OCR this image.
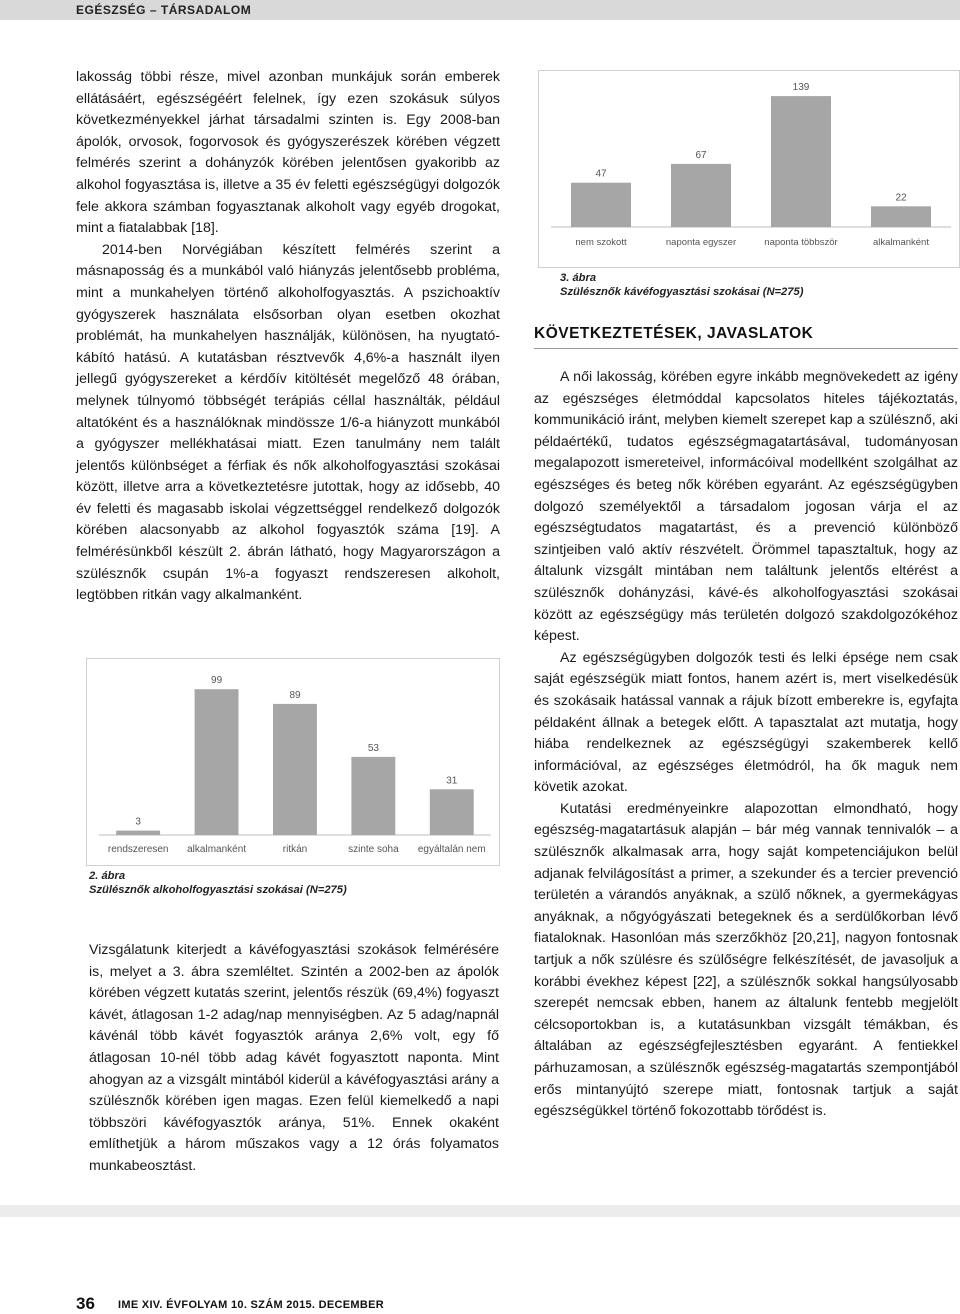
EGÉSZSÉG – TÁRSADALOM

lakosság többi része, mivel azonban munkájuk során emberek ellátásáért, egészségéért felelnek, így ezen szokásuk súlyos következményekkel járhat társadalmi szinten is. Egy 2008-ban ápolók, orvosok, fogorvosok és gyógyszerészek körében végzett felmérés szerint a dohányzók körében jelentősen gyakoribb az alkohol fogyasztása is, illetve a 35 év feletti egészségügyi dolgozók fele akkora számban fogyasztanak alkoholt vagy egyéb drogokat, mint a fiatalabbak [18].

2014-ben Norvégiában készített felmérés szerint a másnaposság és a munkából való hiányzás jelentősebb probléma, mint a munkahelyen történő alkoholfogyasztás. A pszichoaktív gyógyszerek használata elsősorban olyan esetben okozhat problémát, ha munkahelyen használják, különösen, ha nyugtató-kábító hatású. A kutatásban résztvevők 4,6%-a használt ilyen jellegű gyógyszereket a kérdőív kitöltését megelőző 48 órában, melynek túlnyomó többségét terápiás céllal használták, például altatóként és a használóknak mindössze 1/6-a hiányzott munkából a gyógyszer mellékhatásai miatt. Ezen tanulmány nem talált jelentős különbséget a férfiak és nők alkoholfogyasztási szokásai között, illetve arra a következtetésre jutottak, hogy az idősebb, 40 év feletti és magasabb iskolai végzettséggel rendelkező dolgozók körében alacsonyabb az alkohol fogyasztók száma [19]. A felmérésünkből készült 2. ábrán látható, hogy Magyarországon a szülésznők csupán 1%-a fogyaszt rendszeresen alkoholt, legtöbben ritkán vagy alkalmanként.

3
rendszeresen
99
alkalmanként
89
ritkán
53
szinte soha
31
egyáltalán nem
2. ábra
Szülésznők alkoholfogyasztási szokásai (N=275)

Vizsgálatunk kiterjedt a kávéfogyasztási szokások felmérésére is, melyet a 3. ábra szemléltet. Szintén a 2002-ben az ápolók körében végzett kutatás szerint, jelentős részük (69,4%) fogyaszt kávét, átlagosan 1-2 adag/nap mennyiségben. Az 5 adag/napnál kávénál több kávét fogyasztók aránya 2,6% volt, egy fő átlagosan 10-nél több adag kávét fogyasztott naponta. Mint ahogyan az a vizsgált mintából kiderül a kávéfogyasztási arány a szülésznők körében igen magas. Ezen felül kiemelkedő a napi többszöri kávéfogyasztók aránya, 51%. Ennek okaként említhetjük a három műszakos vagy a 12 órás folyamatos munkabeosztást.

47
nem szokott
67
naponta egyszer
139
naponta többször
22
alkalmanként
3. ábra
Szülésznők kávéfogyasztási szokásai (N=275)
KÖVETKEZTETÉSEK, JAVASLATOK

A női lakosság, körében egyre inkább megnövekedett az igény az egészséges életmóddal kapcsolatos hiteles tájékoztatás, kommunikáció iránt, melyben kiemelt szerepet kap a szülésznő, aki példaértékű, tudatos egészségmagatartásával, tudományosan megalapozott ismereteivel, informácóival modellként szolgálhat az egészséges és beteg nők körében egyaránt. Az egészségügyben dolgozó személyektől a társadalom jogosan várja el az egészségtudatos magatartást, és a prevenció különböző szintjeiben való aktív részvételt. Örömmel tapasztaltuk, hogy az általunk vizsgált mintában nem találtunk jelentős eltérést a szülésznők dohányzási, kávé-és alkoholfogyasztási szokásai között az egészségügy más területén dolgozó szakdolgozókéhoz képest.

Az egészségügyben dolgozók testi és lelki épsége nem csak saját egészségük miatt fontos, hanem azért is, mert viselkedésük és szokásaik hatással vannak a rájuk bízott emberekre is, egyfajta példaként állnak a betegek előtt. A tapasztalat azt mutatja, hogy hiába rendelkeznek az egészségügyi szakemberek kellő információval, az egészséges életmódról, ha ők maguk nem követik azokat.

Kutatási eredményeinkre alapozottan elmondható, hogy egészség-magatartásuk alapján – bár még vannak tennivalók – a szülésznők alkalmasak arra, hogy saját kompetenciájukon belül adjanak felvilágosítást a primer, a szekunder és a tercier prevenció területén a várandós anyáknak, a szülő nőknek, a gyermekágyas anyáknak, a nőgyógyászati betegeknek és a serdülőkorban lévő fiataloknak. Hasonlóan más szerzőkhöz [20,21], nagyon fontosnak tartjuk a nők szülésre és szülőségre felkészítését, de javasoljuk a korábbi évekhez képest [22], a szülésznők sokkal hangsúlyosabb szerepét nemcsak ebben, hanem az általunk fentebb megjelölt célcsoportokban is, a kutatásunkban vizsgált témákban, és általában az egészségfejlesztésben egyaránt. A fentiekkel párhuzamosan, a szülésznők egészség-magatartás szempontjából erős mintanyújtó szerepe miatt, fontosnak tartjuk a saját egészségükkel történő fokozottabb törődést is.

36 IME XIV. ÉVFOLYAM 10. SZÁM 2015. DECEMBER
